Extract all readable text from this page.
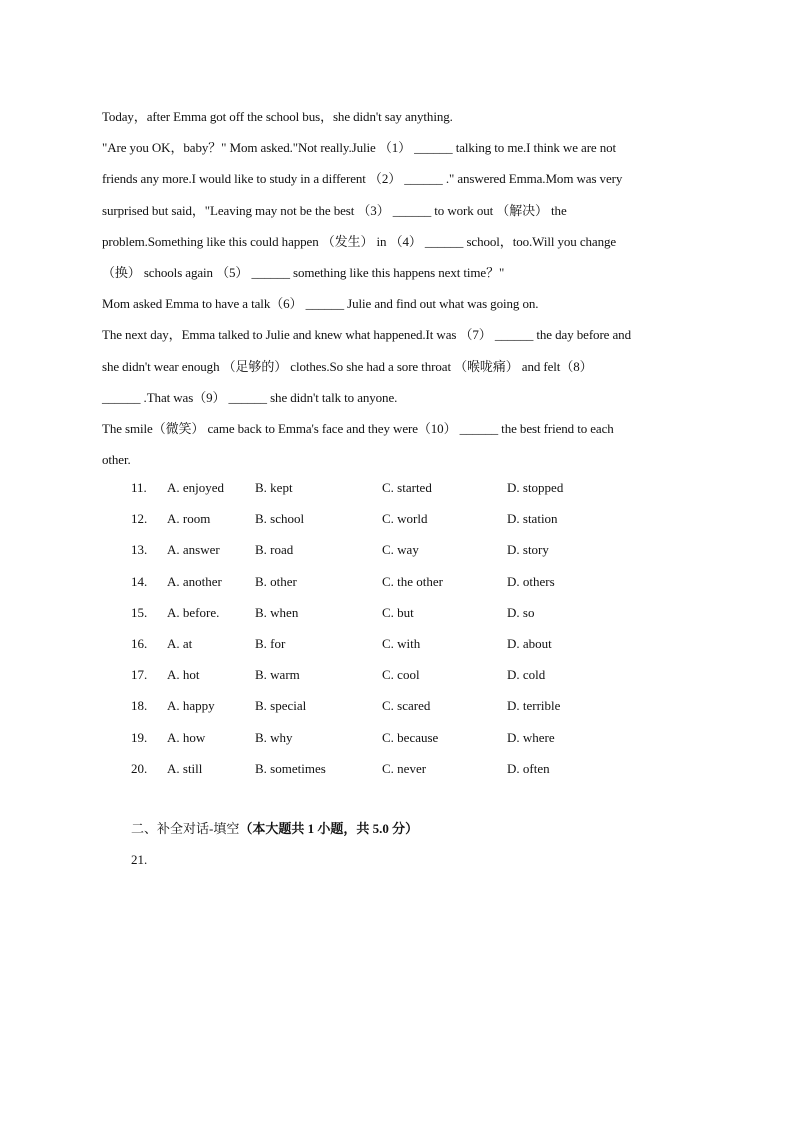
Today，after Emma got off the school bus，she didn't say anything.
"Are you OK，baby？" Mom asked."Not really.Julie （1） ______ talking to me.I think we are not
friends any more.I would like to study in a different （2） ______ ." answered Emma.Mom was very
surprised but said，"Leaving may not be the best （3） ______ to work out （解决） the
problem.Something like this could happen （发生） in （4） ______ school，too.Will you change
（换） schools again （5） ______ something like this happens next time？"
Mom asked Emma to have a talk（6） ______ Julie and find out what was going on.
The next day，Emma talked to Julie and knew what happened.It was （7） ______ the day before and
she didn't wear enough （足够的） clothes.So she had a sore throat （喉咙痛） and felt（8）
______ .That was（9） ______ she didn't talk to anyone.
The smile（微笑） came back to Emma's face and they were（10） ______ the best friend to each
other.
11. A. enjoyed B. kept	C. started	D. stopped
12. A. room	B. school	C. world	D. station
13. A. answer	B. road	C. way	D. story
14. A. another	B. other	C. the other	D. others
15. A. before.	B. when	C. but	D. so
16. A. at	B. for	C. with	D. about
17. A. hot	B. warm	C. cool	D. cold
18. A. happy	B. special	C. scared	D. terrible
19. A. how	B. why	C. because	D. where
20. A. still	B. sometimes	C. never	D. often
二、补全对话-填空（本大题共 1 小题，共 5.0 分）
21.
